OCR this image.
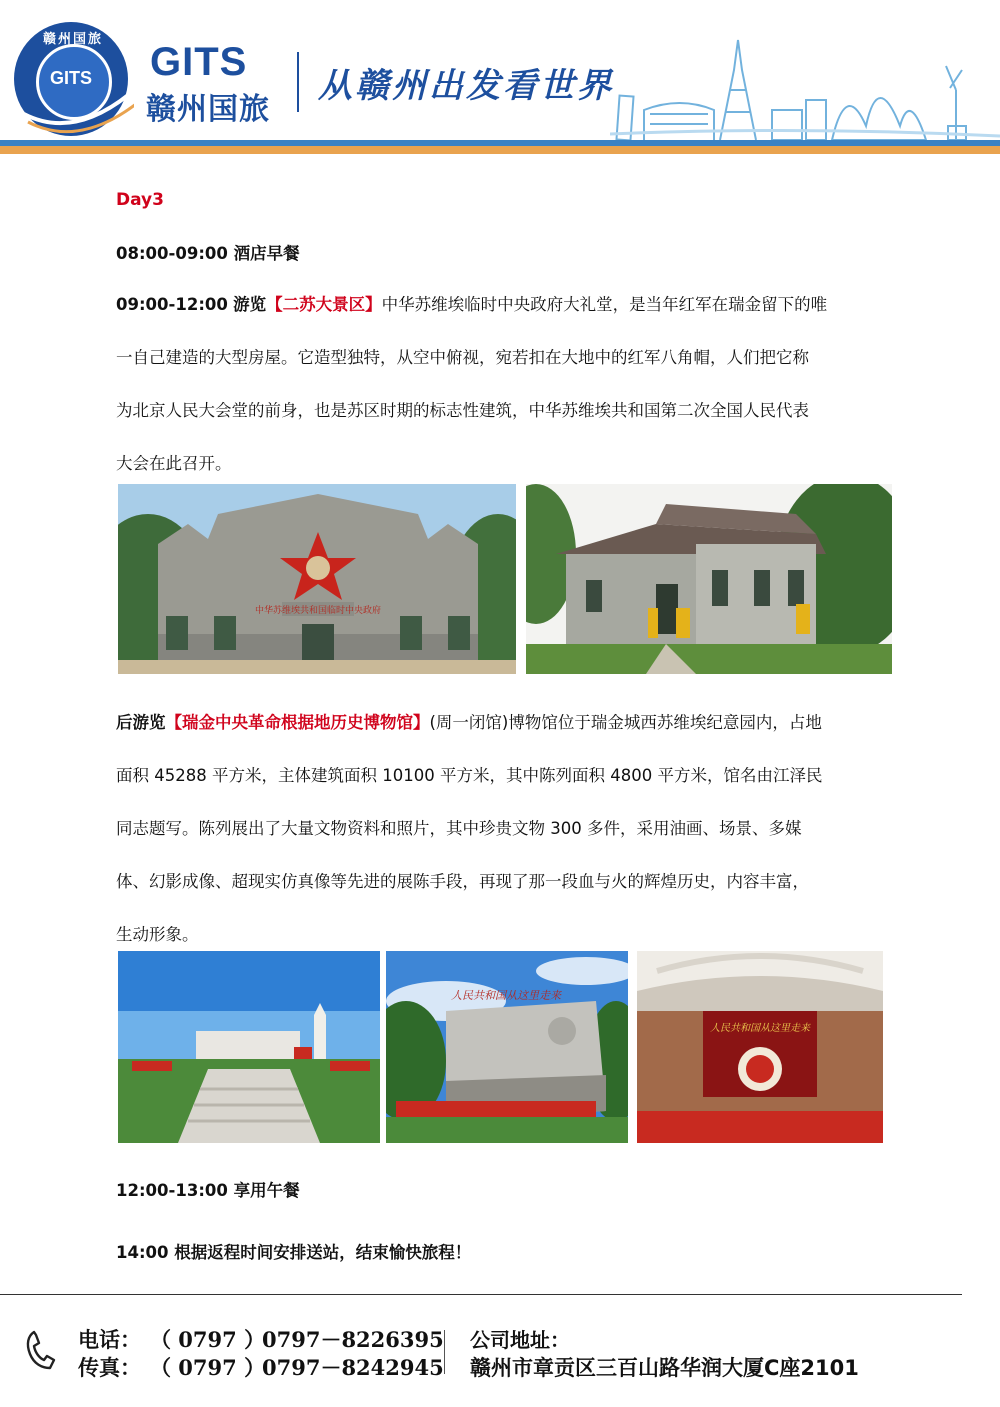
赣州国旅
GITS GITS
赣州国旅
从赣州出发看世界
Day3
08:00-09:00 酒店早餐
09:00-12:00 游览【二苏大景区】中华苏维埃临时中央政府大礼堂，是当年红军在瑞金留下的唯
一自己建造的大型房屋。它造型独特，从空中俯视，宛若扣在大地中的红军八角帽，人们把它称
为北京人民大会堂的前身，也是苏区时期的标志性建筑，中华苏维埃共和国第二次全国人民代表
大会在此召开。
中华苏维埃共和国临时中央政府
后游览【瑞金中央革命根据地历史博物馆】(周一闭馆)博物馆位于瑞金城西苏维埃纪意园内，占地
面积 45288 平方米，主体建筑面积 10100 平方米，其中陈列面积 4800 平方米，馆名由江泽民
同志题写。陈列展出了大量文物资料和照片，其中珍贵文物 300 多件，采用油画、场景、多媒
体、幻影成像、超现实仿真像等先进的展陈手段，再现了那一段血与火的辉煌历史，内容丰富，
生动形象。
人民共和国从这里走来
人民共和国从这里走来
12:00-13:00 享用午餐
14:00 根据返程时间安排送站，结束愉快旅程！
电话： （ 0797 ）
0797－8226395
传真： （ 0797 ）
0797－8242945
公司地址：
赣州市章贡区三百山路华润大厦C座2101
